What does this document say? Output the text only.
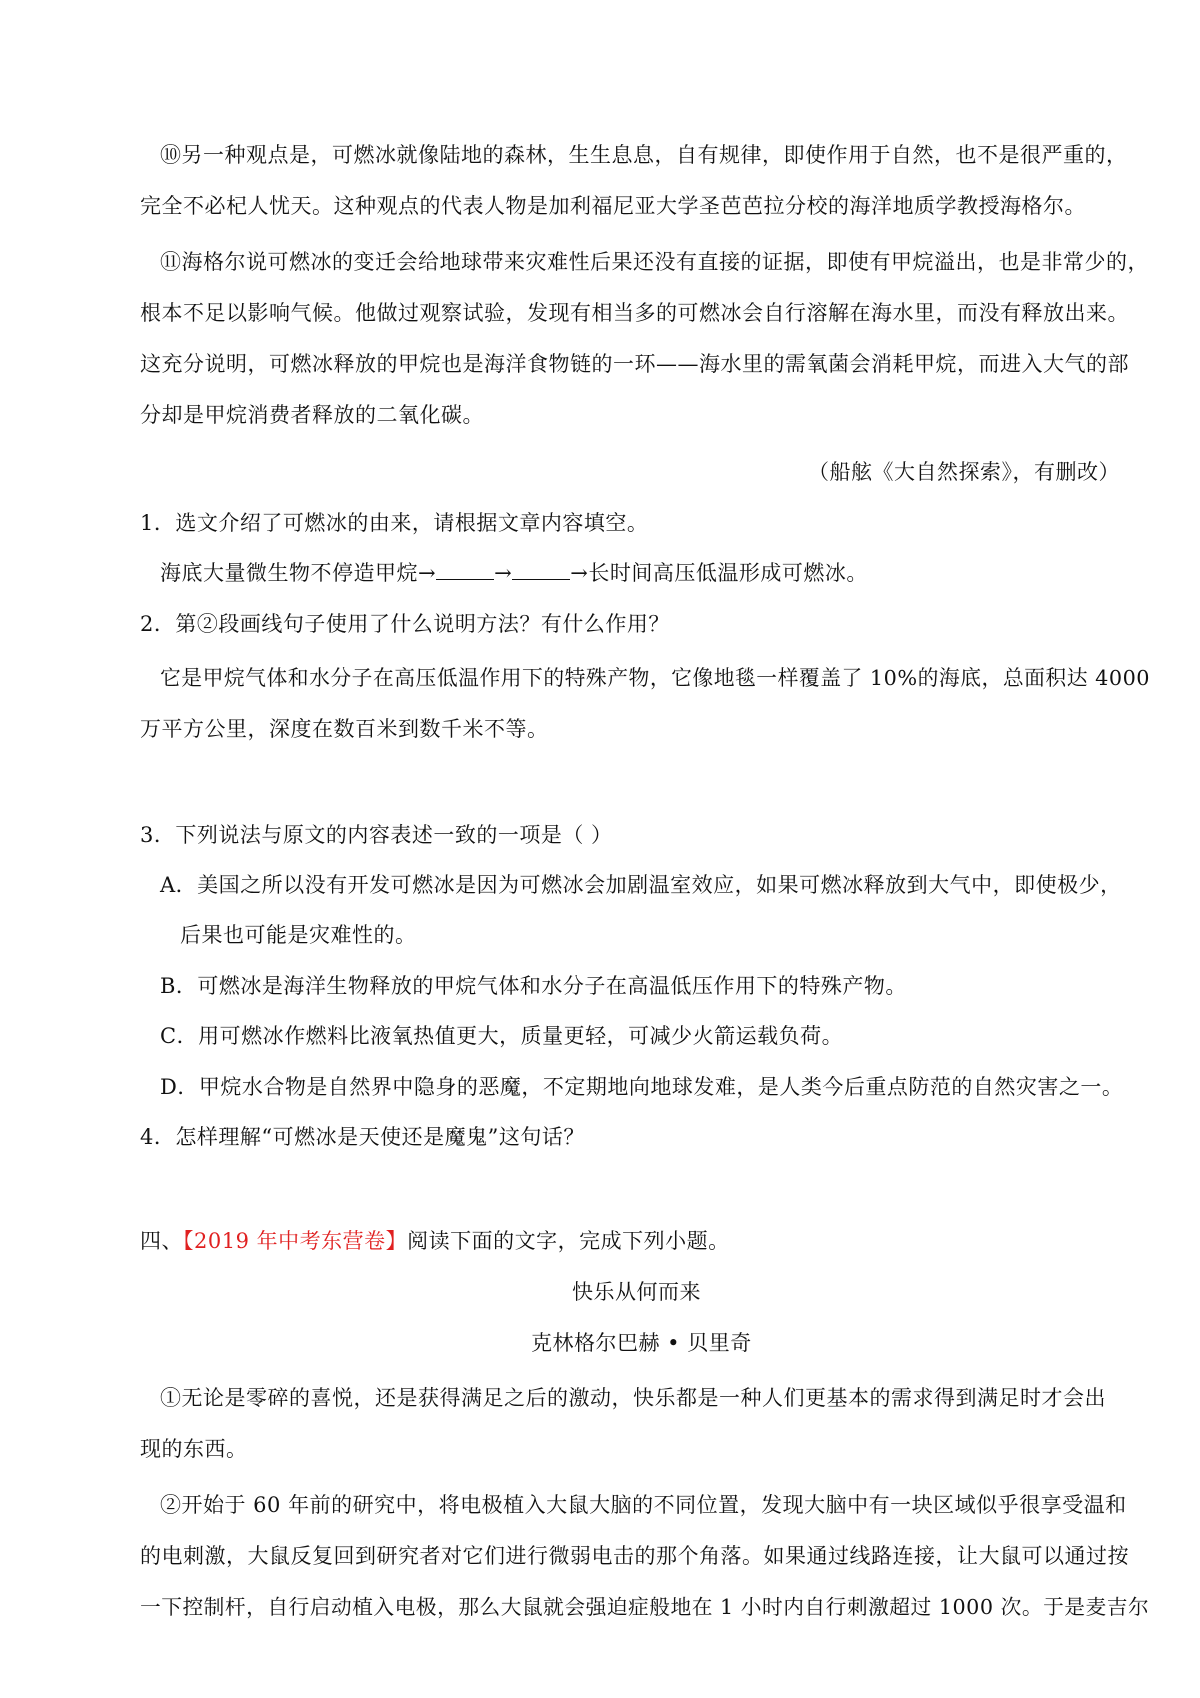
⑩另一种观点是，可燃冰就像陆地的森林，生生息息，自有规律，即使作用于自然，也不是很严重的，
完全不必杞人忧天。这种观点的代表人物是加利福尼亚大学圣芭芭拉分校的海洋地质学教授海格尔。
⑪海格尔说可燃冰的变迁会给地球带来灾难性后果还没有直接的证据，即使有甲烷溢出，也是非常少的，
根本不足以影响气候。他做过观察试验，发现有相当多的可燃冰会自行溶解在海水里，而没有释放出来。
这充分说明，可燃冰释放的甲烷也是海洋食物链的一环——海水里的需氧菌会消耗甲烷，而进入大气的部
分却是甲烷消费者释放的二氧化碳。
（船舷《大自然探索》，有删改）
1．选文介绍了可燃冰的由来，请根据文章内容填空。
海底大量微生物不停造甲烷→	→	→长时间高压低温形成可燃冰。
2．第②段画线句子使用了什么说明方法？有什么作用？
它是甲烷气体和水分子在高压低温作用下的特殊产物，它像地毯一样覆盖了 10%的海底，总面积达 4000
万平方公里，深度在数百米到数千米不等。
3．下列说法与原文的内容表述一致的一项是（ ）
A．美国之所以没有开发可燃冰是因为可燃冰会加剧温室效应，如果可燃冰释放到大气中，即使极少，
后果也可能是灾难性的。
B．可燃冰是海洋生物释放的甲烷气体和水分子在高温低压作用下的特殊产物。
C．用可燃冰作燃料比液氧热值更大，质量更轻，可减少火箭运载负荷。
D．甲烷水合物是自然界中隐身的恶魔，不定期地向地球发难，是人类今后重点防范的自然灾害之一。
4．怎样理解“可燃冰是天使还是魔鬼”这句话？
四、【2019 年中考东营卷】阅读下面的文字，完成下列小题。
快乐从何而来
克林格尔巴赫 • 贝里奇
①无论是零碎的喜悦，还是获得满足之后的激动，快乐都是一种人们更基本的需求得到满足时才会出
现的东西。
②开始于 60 年前的研究中，将电极植入大鼠大脑的不同位置，发现大脑中有一块区域似乎很享受温和
的电刺激，大鼠反复回到研究者对它们进行微弱电击的那个角落。如果通过线路连接，让大鼠可以通过按
一下控制杆，自行启动植入电极，那么大鼠就会强迫症般地在 1 小时内自行刺激超过 1000 次。于是麦吉尔
